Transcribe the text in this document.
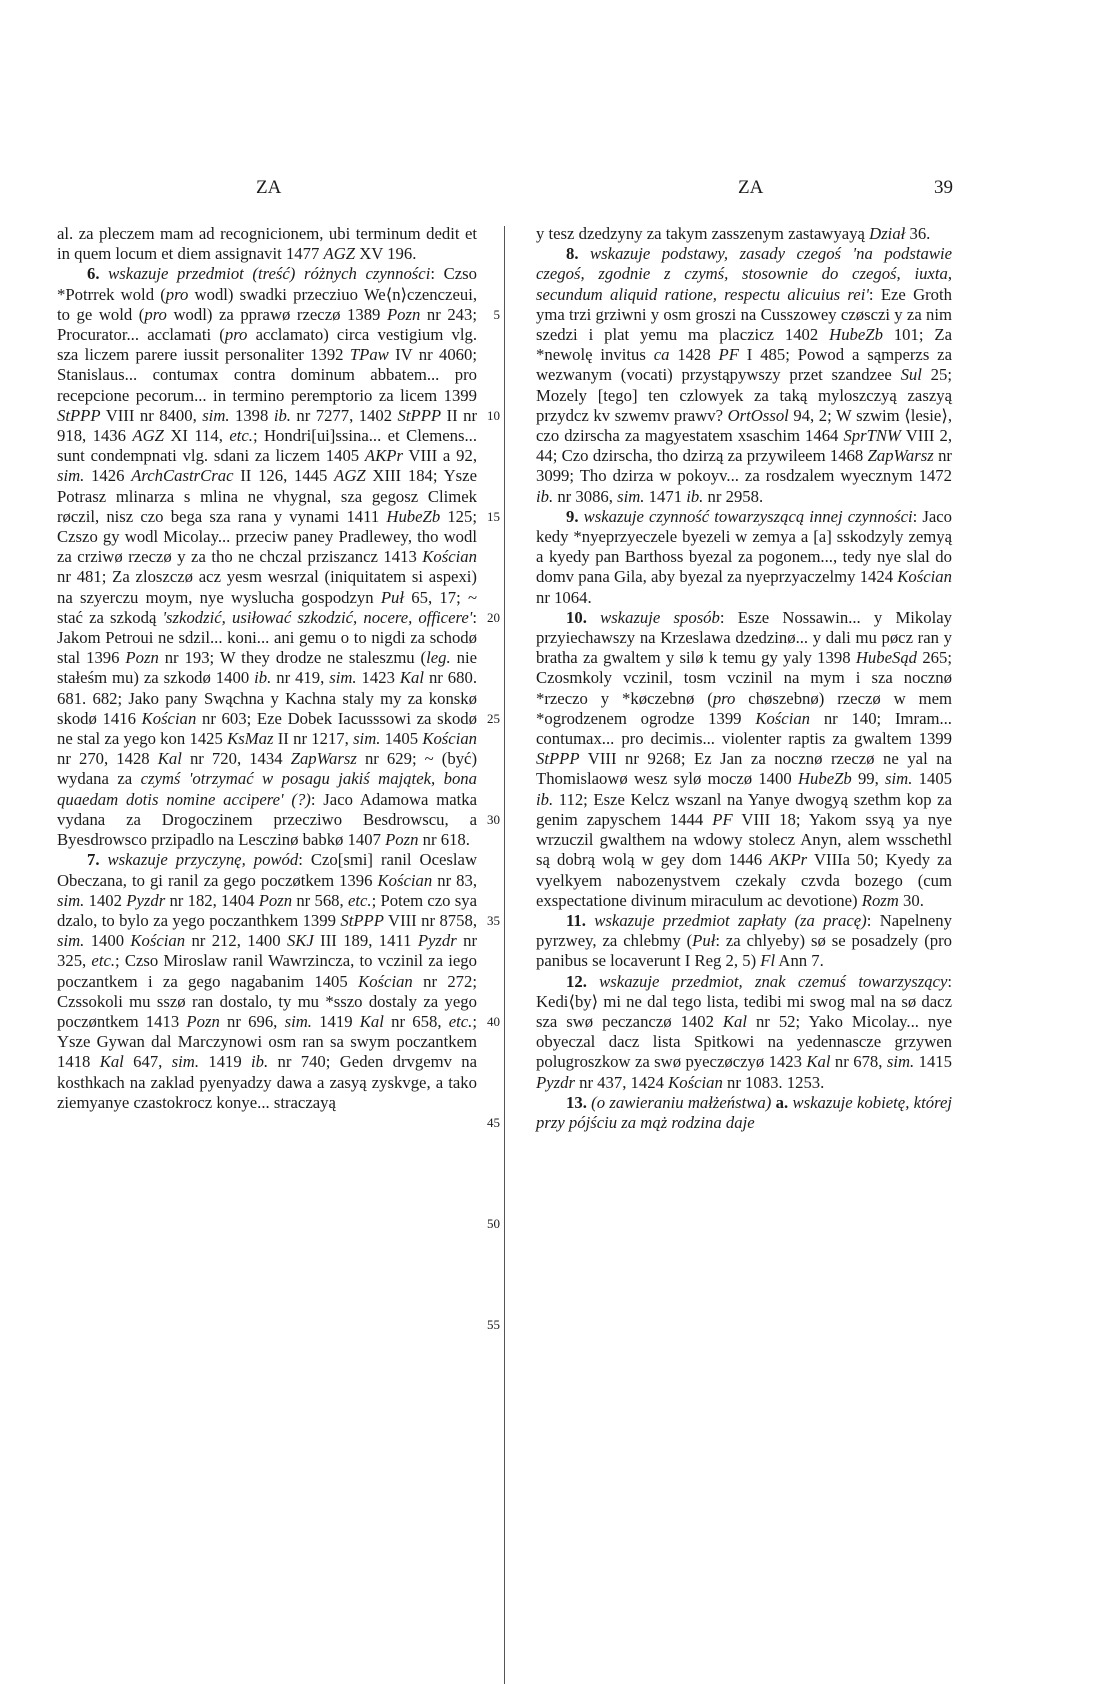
ZA	ZA	39

al. za pleczem mam ad recognicionem, ubi terminum dedit et in quem locum et diem assignavit 1477 AGZ XV 196.

6. wskazuje przedmiot (treść) różnych czynności: Czso *Potrrek wold (pro wodl) swadki przecziuo We⟨n⟩czenczeui, to ge wold (pro wodl) za pprawø rzeczø 1389 Pozn nr 243; Procurator... acclamati (pro acclamato) circa vestigium vlg. sza liczem parere iussit personaliter 1392 TPaw IV nr 4060; Stanislaus... contumax contra dominum abbatem... pro recepcione pecorum... in termino peremptorio za licem 1399 StPPP VIII nr 8400, sim. 1398 ib. nr 7277, 1402 StPPP II nr 918, 1436 AGZ XI 114, etc.; Hondri[ui]ssina... et Clemens... sunt condempnati vlg. sdani za liczem 1405 AKPr VIII a 92, sim. 1426 ArchCastrCrac II 126, 1445 AGZ XIII 184; Ysze Potrasz mlinarza s mlina ne vhygnal, sza gegosz Climek røczil, nisz czo bega sza rana y vynami 1411 HubeZb 125; Czszo gy wodl Micolay... przeciw paney Pradlewey, tho wodl za crziwø rzeczø y za tho ne chczal prziszancz 1413 Kościan nr 481; Za zloszczø acz yesm wesrzal (iniquitatem si aspexi) na szyerczu moym, nye wyslucha gospodzyn Puł 65, 17; ~ stać za szkodą 'szkodzić, usiłować szkodzić, nocere, officere': Jakom Petroui ne sdzil... koni... ani gemu o to nigdi za schodø stal 1396 Pozn nr 193; W they drodze ne staleszmu (leg. nie stałeśm mu) za szkodø 1400 ib. nr 419, sim. 1423 Kal nr 680. 681. 682; Jako pany Swąchna y Kachna staly my za konskø skodø 1416 Kościan nr 603; Eze Dobek Iacusssowi za skodø ne stal za yego kon 1425 KsMaz II nr 1217, sim. 1405 Kościan nr 270, 1428 Kal nr 720, 1434 ZapWarsz nr 629; ~ (być) wydana za czymś 'otrzymać w posagu jakiś majątek, bona quaedam dotis nomine accipere' (?): Jaco Adamowa matka vydana za Drogoczinem przecziwo Besdrowscu, a Byesdrowsco przipadlo na Lesczinø babkø 1407 Pozn nr 618.

7. wskazuje przyczynę, powód: Czo[smi] ranil Oceslaw Obeczana, to gi ranil za gego poczøtkem 1396 Kościan nr 83, sim. 1402 Pyzdr nr 182, 1404 Pozn nr 568, etc.; Potem czo sya dzalo, to bylo za yego poczanthkem 1399 StPPP VIII nr 8758, sim. 1400 Kościan nr 212, 1400 SKJ III 189, 1411 Pyzdr nr 325, etc.; Czso Miroslaw ranil Wawrzincza, to vczinil za iego poczantkem i za gego nagabanim 1405 Kościan nr 272; Czssokoli mu sszø ran dostalo, ty mu *sszo dostaly za yego poczøntkem 1413 Pozn nr 696, sim. 1419 Kal nr 658, etc.; Ysze Gywan dal Marczynowi osm ran sa swym poczantkem 1418 Kal 647, sim. 1419 ib. nr 740; Geden drvgemv na kosthkach na zaklad pyenyadzy dawa a zasyą zyskvge, a tako ziemyanye czastokrocz konye... straczayą

5
10
15
20
25
30
35
40
45
50
55

y tesz dzedzyny za takym zasszenym zastawyayą Dział 36.

8. wskazuje podstawy, zasady czegoś 'na podstawie czegoś, zgodnie z czymś, stosownie do czegoś, iuxta, secundum aliquid ratione, respectu alicuius rei': Eze Groth yma trzi grziwni y osm groszi na Cusszowey czøsczi y za nim szedzi i plat yemu ma placzicz 1402 HubeZb 101; Za *newolę invitus ca 1428 PF I 485; Powod a sąmperzs za wezwanym (vocati) przystąpywszy przet szandzee Sul 25; Mozely [tego] ten czlowyek za taką myloszczyą zaszyą przydcz kv szwemv prawv? OrtOssol 94, 2; W szwim ⟨lesie⟩, czo dzirscha za magyestatem xsaschim 1464 SprTNW VIII 2, 44; Czo dzirscha, tho dzirzą za przywileem 1468 ZapWarsz nr 3099; Tho dzirza w pokoyv... za rosdzalem wyecznym 1472 ib. nr 3086, sim. 1471 ib. nr 2958.

9. wskazuje czynność towarzyszącą innej czynności: Jaco kedy *nyeprzyeczele byezeli w zemya a [a] sskodzyly zemyą a kyedy pan Barthoss byezal za pogonem..., tedy nye slal do domv pana Gila, aby byezal za nyeprzyaczelmy 1424 Kościan nr 1064.

10. wskazuje sposób: Esze Nossawin... y Mikolay przyiechawszy na Krzeslawa dzedzinø... y dali mu pøcz ran y bratha za gwaltem y silø k temu gy yaly 1398 HubeSąd 265; Czosmkoly vczinil, tosm vczinil na mym i sza nocznø *rzeczo y *køczebnø (pro chøszebnø) rzeczø w mem *ogrodzenem ogrodze 1399 Kościan nr 140; Imram... contumax... pro decimis... violenter raptis za gwaltem 1399 StPPP VIII nr 9268; Ez Jan za nocznø rzeczø ne yal na Thomislaowø wesz sylø moczø 1400 HubeZb 99, sim. 1405 ib. 112; Esze Kelcz wszanl na Yanye dwogyą szethm kop za genim zapyschem 1444 PF VIII 18; Yakom ssyą ya nye wrzuczil gwalthem na wdowy stolecz Anyn, alem wsschethl są dobrą wolą w gey dom 1446 AKPr VIIIa 50; Kyedy za vyelkyem nabozenystvem czekaly czvda bozego (cum exspectatione divinum miraculum ac devotione) Rozm 30.

11. wskazuje przedmiot zapłaty (za pracę): Napelneny pyrzwey, za chlebmy (Puł: za chlyeby) sø se posadzely (pro panibus se locaverunt I Reg 2, 5) Fl Ann 7.

12. wskazuje przedmiot, znak czemuś towarzyszący: Kedi⟨by⟩ mi ne dal tego lista, tedibi mi swog mal na sø dacz sza swø peczanczø 1402 Kal nr 52; Yako Micolay... nye obyeczal dacz lista Spitkowi na yedennascze grzywen polugroszkow za swø pyeczøczyø 1423 Kal nr 678, sim. 1415 Pyzdr nr 437, 1424 Kościan nr 1083. 1253.

13. (o zawieraniu małżeństwa) a. wskazuje kobietę, której przy pójściu za mąż rodzina daje
